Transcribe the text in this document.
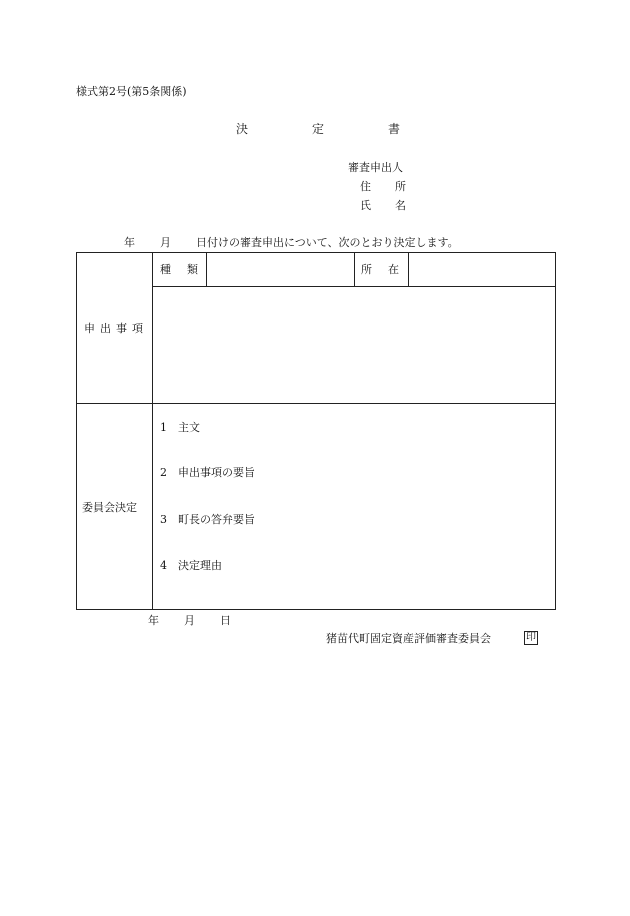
様式第2号(第5条関係)
決定書
審査申出人
住所
氏名
年 月 日付けの審査申出について、次のとおり決定します。
申出事項
種類	所在
委員会決定
1 主文
2 申出事項の要旨
3 町長の答弁要旨
4 決定理由
年 月 日
猪苗代町固定資産評価審査委員会	印
